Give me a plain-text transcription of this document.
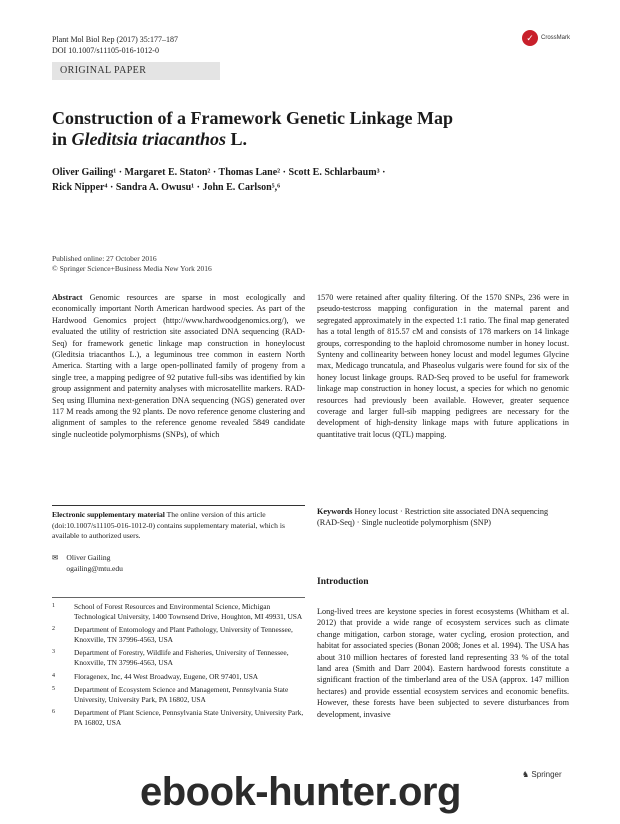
Plant Mol Biol Rep (2017) 35:177–187
DOI 10.1007/s11105-016-1012-0
✓	CrossMark
ORIGINAL PAPER
Construction of a Framework Genetic Linkage Map
in Gleditsia triacanthos L.
Oliver Gailing¹ · Margaret E. Staton² · Thomas Lane² · Scott E. Schlarbaum³ ·
Rick Nipper⁴ · Sandra A. Owusu¹ · John E. Carlson⁵,⁶
Published online: 27 October 2016
© Springer Science+Business Media New York 2016
Abstract Genomic resources are sparse in most ecologically and economically important North American hardwood species. As part of the Hardwood Genomics project (http://www.hardwoodgenomics.org/), we evaluated the utility of restriction site associated DNA sequencing (RAD-Seq) for framework genetic linkage map construction in honeylocust (Gleditsia triacanthos L.), a leguminous tree common in eastern North America. Starting with a large open-pollinated family of progeny from a single tree, a mapping pedigree of 92 putative full-sibs was identified by kin group assignment and paternity analyses with microsatellite markers. RAD-Seq using Illumina next-generation DNA sequencing (NGS) generated over 117 M reads among the 92 plants. De novo reference genome clustering and alignment of samples to the reference genome revealed 5849 candidate single nucleotide polymorphisms (SNPs), of which
1570 were retained after quality filtering. Of the 1570 SNPs, 236 were in pseudo-testcross mapping configuration in the maternal parent and segregated approximately in the expected 1:1 ratio. The final map generated has a total length of 815.57 cM and consists of 178 markers on 14 linkage groups, corresponding to the haploid chromosome number in honey locust. Synteny and collinearity between honey locust and model legumes Glycine max, Medicago truncatula, and Phaseolus vulgaris were found for six of the honey locust linkage groups. RAD-Seq proved to be useful for framework linkage map construction in honey locust, a species for which no genomic resources had previously been available. However, greater sequence coverage and larger full-sib mapping pedigrees are necessary for the development of high-density linkage maps with future applications in quantitative trait locus (QTL) mapping.
Electronic supplementary material The online version of this article (doi:10.1007/s11105-016-1012-0) contains supplementary material, which is available to authorized users.
Keywords Honey locust · Restriction site associated DNA sequencing (RAD-Seq) · Single nucleotide polymorphism (SNP)
✉ Oliver Gailing
ogailing@mtu.edu
1	School of Forest Resources and Environmental Science, Michigan Technological University, 1400 Townsend Drive, Houghton, MI 49931, USA
2	Department of Entomology and Plant Pathology, University of Tennessee, Knoxville, TN 37996-4563, USA
3	Department of Forestry, Wildlife and Fisheries, University of Tennessee, Knoxville, TN 37996-4563, USA
4	Floragenex, Inc, 44 West Broadway, Eugene, OR 97401, USA
5	Department of Ecosystem Science and Management, Pennsylvania State University, University Park, PA 16802, USA
6	Department of Plant Science, Pennsylvania State University, University Park, PA 16802, USA
Introduction
Long-lived trees are keystone species in forest ecosystems (Whitham et al. 2012) that provide a wide range of ecosystem services such as climate change mitigation, carbon storage, water cycling, erosion protection, and habitat for associated species (Bonan 2008; Jones et al. 1994). The USA has about 310 million hectares of forested land representing 33 % of the total land area (Smith and Darr 2004). Eastern hardwood forests constitute a significant fraction of the timberland area of the USA (approx. 147 million hectares) and provide essential ecosystem services and economic benefits. However, these forests have been subjected to severe disturbances from development, invasive
ebook-hunter.org	♞ Springer
